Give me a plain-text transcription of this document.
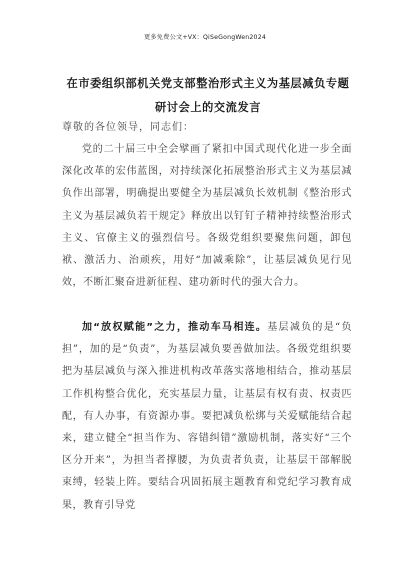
更多免费公文+VX：QiSeGongWen2024
在市委组织部机关党支部整治形式主义为基层减负专题研讨会上的交流发言
尊敬的各位领导，同志们：
党的二十届三中全会擘画了紧扣中国式现代化进一步全面深化改革的宏伟蓝图，对持续深化拓展整治形式主义为基层减负作出部署，明确提出要健全为基层减负长效机制《整治形式主义为基层减负若干规定》释放出以钉钉子精神持续整治形式主义、官僚主义的强烈信号。各级党组织要聚焦问题，卸包袱、激活力、治顽疾，用好“加减乘除”，让基层减负见行见效，不断汇聚奋进新征程、建功新时代的强大合力。
加“放权赋能”之力，推动车马相连。基层减负的是“负担”，加的是“负责”，为基层减负要善做加法。各级党组织要把为基层减负与深入推进机构改革落实落地相结合，推动基层工作机构整合优化，充实基层力量，让基层有权有责、权责匹配，有人办事，有资源办事。要把减负松绑与关爱赋能结合起来，建立健全“担当作为、容错纠错”激励机制，落实好“三个区分开来”，为担当者撑腰，为负责者负责，让基层干部解脱束缚，轻装上阵。要结合巩固拓展主题教育和党纪学习教育成果，教育引导党
